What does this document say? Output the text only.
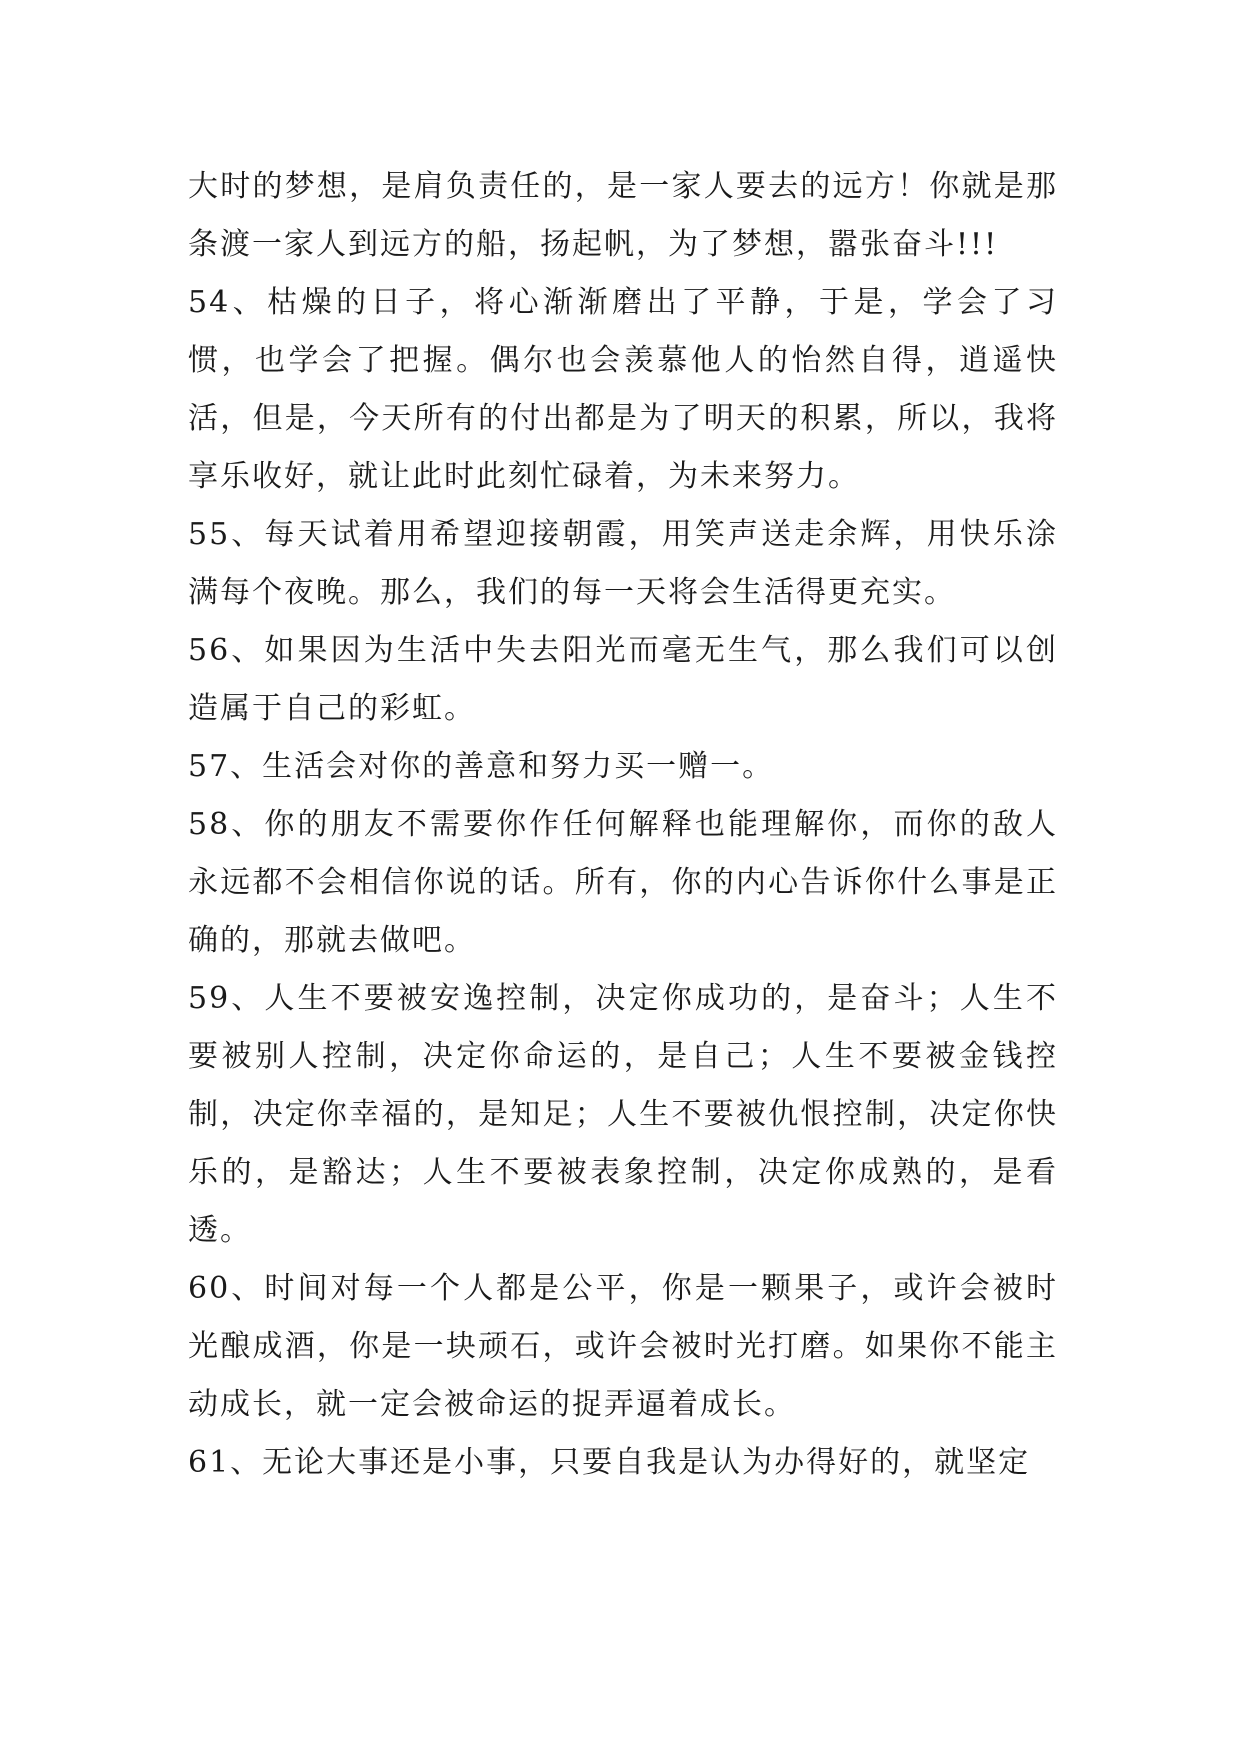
大时的梦想，是肩负责任的，是一家人要去的远方！你就是那条渡一家人到远方的船，扬起帆，为了梦想，嚣张奋斗!!!

54、枯燥的日子，将心渐渐磨出了平静，于是，学会了习惯，也学会了把握。偶尔也会羡慕他人的怡然自得，逍遥快活，但是，今天所有的付出都是为了明天的积累，所以，我将享乐收好，就让此时此刻忙碌着，为未来努力。

55、每天试着用希望迎接朝霞，用笑声送走余辉，用快乐涂满每个夜晚。那么，我们的每一天将会生活得更充实。

56、如果因为生活中失去阳光而毫无生气，那么我们可以创造属于自己的彩虹。

57、生活会对你的善意和努力买一赠一。

58、你的朋友不需要你作任何解释也能理解你，而你的敌人永远都不会相信你说的话。所有，你的内心告诉你什么事是正确的，那就去做吧。

59、人生不要被安逸控制，决定你成功的，是奋斗；人生不要被别人控制，决定你命运的，是自己；人生不要被金钱控制，决定你幸福的，是知足；人生不要被仇恨控制，决定你快乐的，是豁达；人生不要被表象控制，决定你成熟的，是看透。

60、时间对每一个人都是公平，你是一颗果子，或许会被时光酿成酒，你是一块顽石，或许会被时光打磨。如果你不能主动成长，就一定会被命运的捉弄逼着成长。

61、无论大事还是小事，只要自我是认为办得好的，就坚定
